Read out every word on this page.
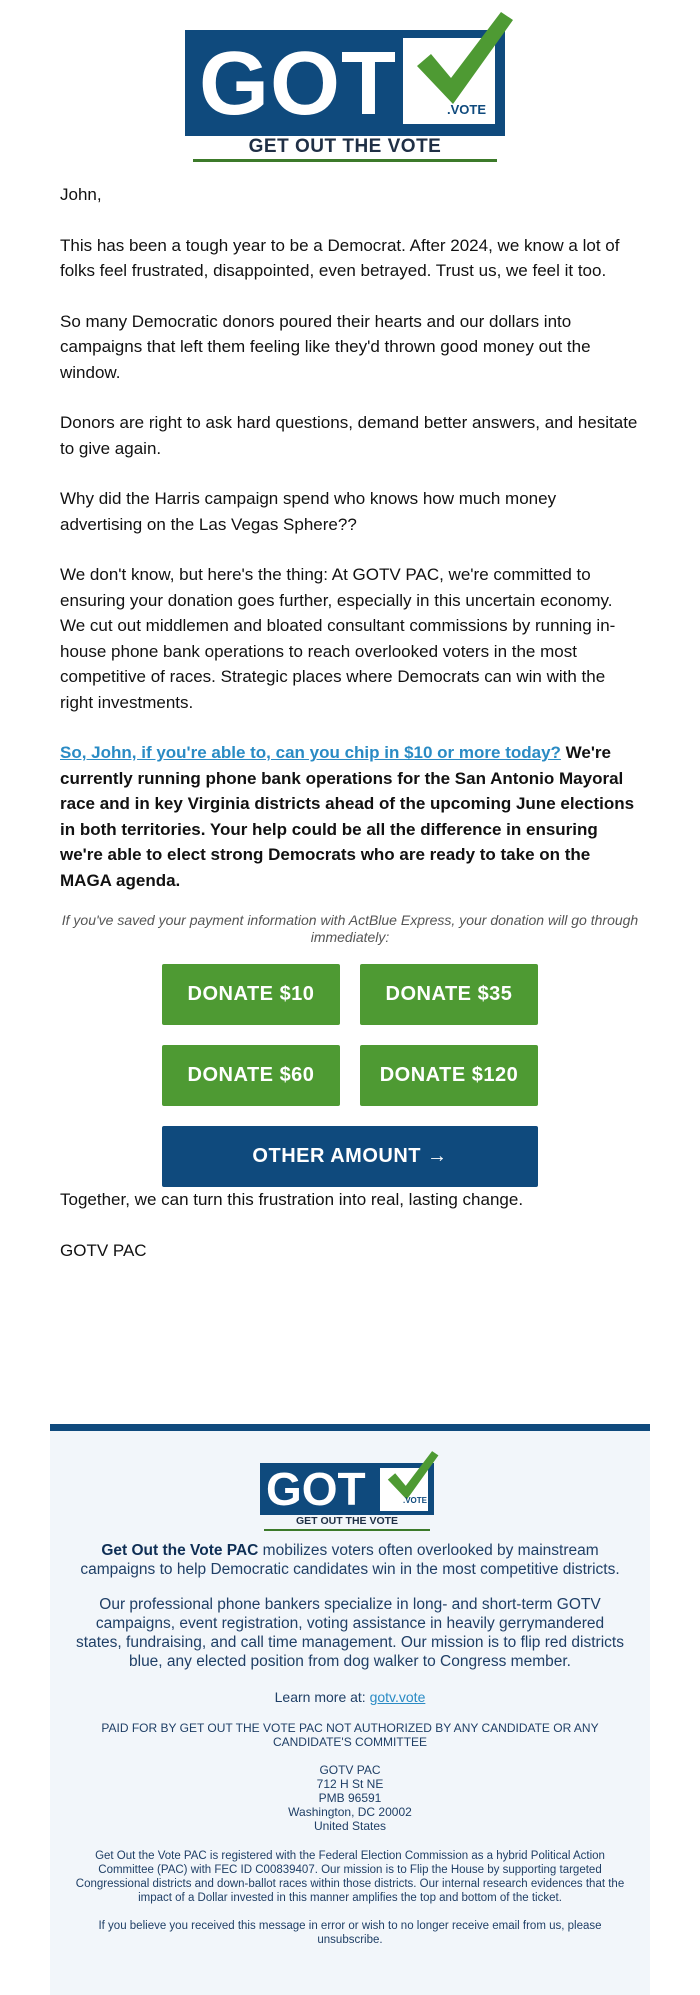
GOT	.VOTE
GET OUT THE VOTE

John,

This has been a tough year to be a Democrat. After 2024, we know a lot of folks feel frustrated, disappointed, even betrayed. Trust us, we feel it too.

So many Democratic donors poured their hearts and our dollars into campaigns that left them feeling like they'd thrown good money out the window.

Donors are right to ask hard questions, demand better answers, and hesitate to give again.

Why did the Harris campaign spend who knows how much money advertising on the Las Vegas Sphere??

We don't know, but here's the thing: At GOTV PAC, we're committed to ensuring your donation goes further, especially in this uncertain economy. We cut out middlemen and bloated consultant commissions by running in-house phone bank operations to reach overlooked voters in the most competitive of races. Strategic places where Democrats can win with the right investments.

So, John, if you're able to, can you chip in $10 or more today? We're currently running phone bank operations for the San Antonio Mayoral race and in key Virginia districts ahead of the upcoming June elections in both territories. Your help could be all the difference in ensuring we're able to elect strong Democrats who are ready to take on the MAGA agenda.

If you've saved your payment information with ActBlue Express, your donation will go through immediately:
DONATE $10	DONATE $35
DONATE $60	DONATE $120
OTHER AMOUNT →

Together, we can turn this frustration into real, lasting change.

GOTV PAC

GOT	.VOTE
GET OUT THE VOTE
Get Out the Vote PAC mobilizes voters often overlooked by mainstream campaigns to help Democratic candidates win in the most competitive districts.
Our professional phone bankers specialize in long- and short-term GOTV campaigns, event registration, voting assistance in heavily gerrymandered states, fundraising, and call time management. Our mission is to flip red districts blue, any elected position from dog walker to Congress member.
Learn more at: gotv.vote
PAID FOR BY GET OUT THE VOTE PAC NOT AUTHORIZED BY ANY CANDIDATE OR ANY CANDIDATE'S COMMITTEE
GOTV PAC
712 H St NE
PMB 96591
Washington, DC 20002
United States
Get Out the Vote PAC is registered with the Federal Election Commission as a hybrid Political Action Committee (PAC) with FEC ID C00839407. Our mission is to Flip the House by supporting targeted Congressional districts and down-ballot races within those districts. Our internal research evidences that the impact of a Dollar invested in this manner amplifies the top and bottom of the ticket.
If you believe you received this message in error or wish to no longer receive email from us, please unsubscribe.
